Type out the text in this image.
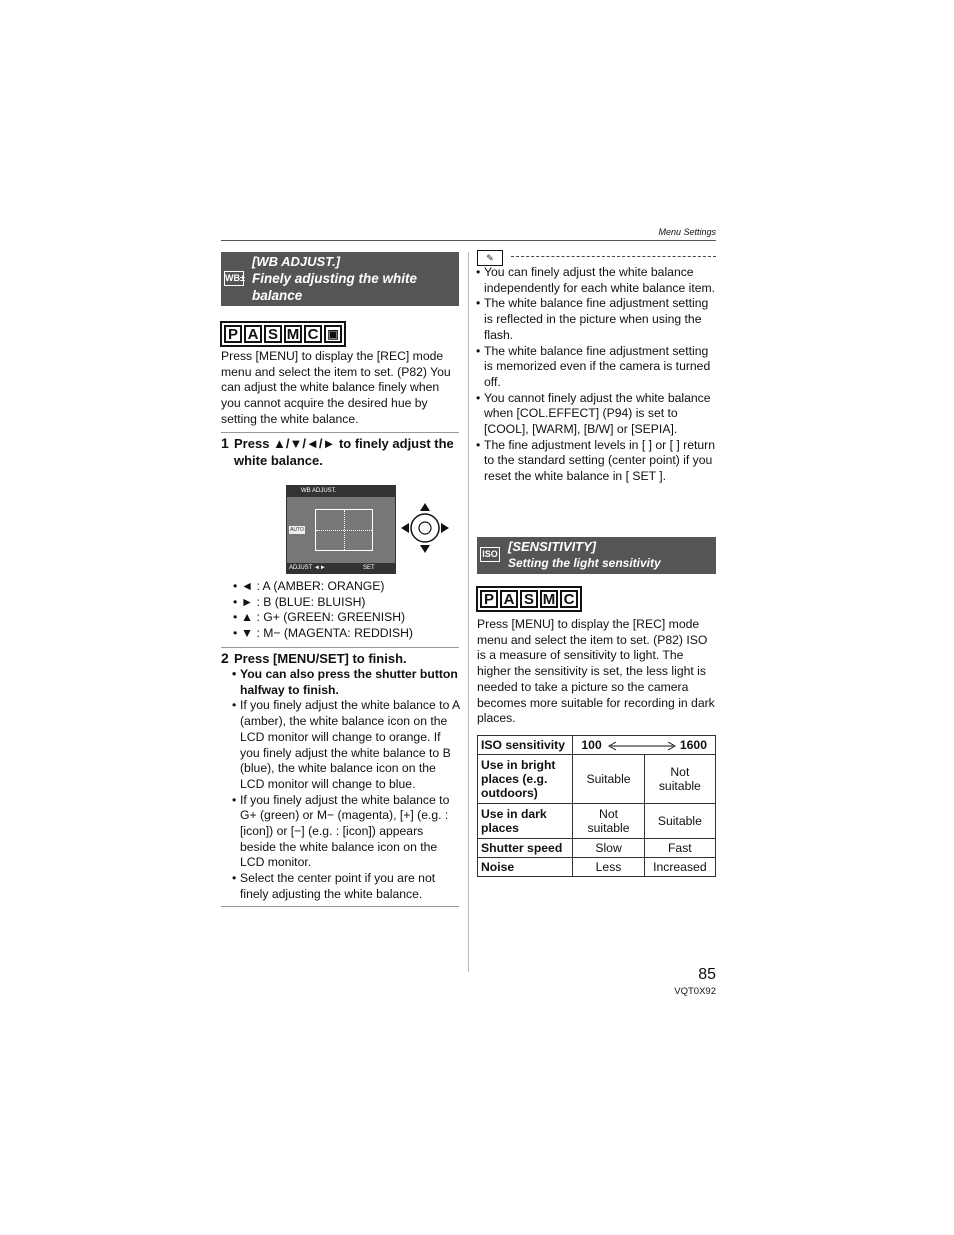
Menu Settings
WB±
[WB ADJUST.]
Finely adjusting the white balance
P A S M C ▣
Press [MENU] to display the [REC] mode menu and select the item to set. (P82) You can adjust the white balance finely when you cannot acquire the desired hue by setting the white balance.
1 Press ▲/▼/◄/► to finely adjust the white balance.
WB ADJUST.
AUTO
ADJUST ◄►	SET
• ◄ : A (AMBER: ORANGE)
• ► : B (BLUE: BLUISH)
• ▲ : G+ (GREEN: GREENISH)
• ▼ : M− (MAGENTA: REDDISH)
2 Press [MENU/SET] to finish.
• You can also press the shutter button halfway to finish.
• If you finely adjust the white balance to A (amber), the white balance icon on the LCD monitor will change to orange. If you finely adjust the white balance to B (blue), the white balance icon on the LCD monitor will change to blue.
• If you finely adjust the white balance to G+ (green) or M− (magenta), [+] (e.g. : [icon]) or [−] (e.g. : [icon]) appears beside the white balance icon on the LCD monitor.
• Select the center point if you are not finely adjusting the white balance.
✎
• You can finely adjust the white balance independently for each white balance item.
• The white balance fine adjustment setting is reflected in the picture when using the flash.
• The white balance fine adjustment setting is memorized even if the camera is turned off.
• You cannot finely adjust the white balance when [COL.EFFECT] (P94) is set to [COOL], [WARM], [B/W] or [SEPIA].
• The fine adjustment levels in [ ] or [ ] return to the standard setting (center point) if you reset the white balance in [ SET ].
ISO [SENSITIVITY]
Setting the light sensitivity
P A S M C
Press [MENU] to display the [REC] mode menu and select the item to set. (P82) ISO is a measure of sensitivity to light. The higher the sensitivity is set, the less light is needed to take a picture so the camera becomes more suitable for recording in dark places.
ISO sensitivity	100 1600	

Use in bright places (e.g. outdoors)	Suitable	Not suitable
Use in dark places	Not suitable	Suitable
Shutter speed	Slow	Fast
Noise	Less	Increased
85
VQT0X92
